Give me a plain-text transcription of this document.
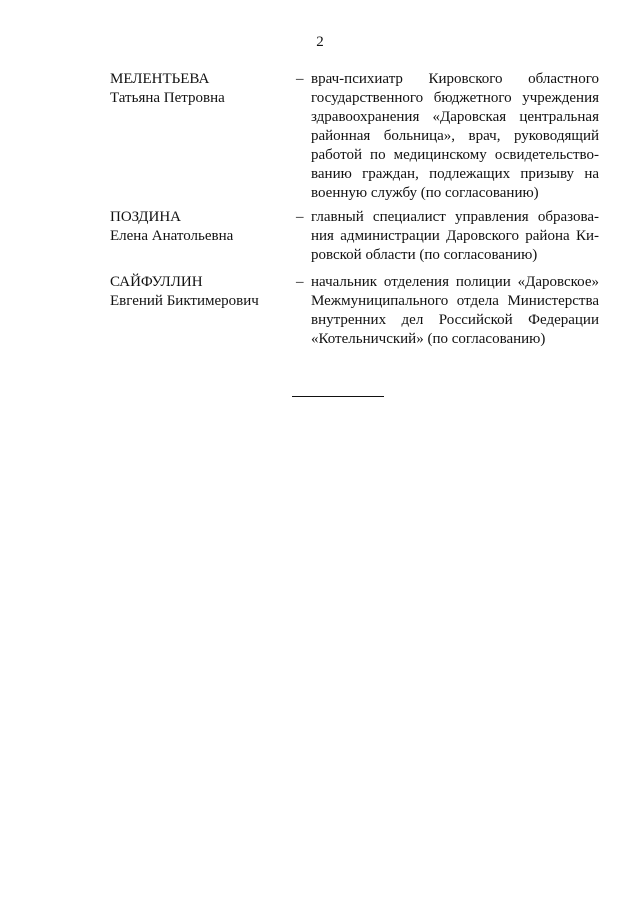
2
МЕЛЕНТЬЕВА
Татьяна Петровна
– врач-психиатр Кировского областного государственного бюджетного учреждения здравоохранения «Даровская центральная районная больница», врач, руководящий работой по медицинскому освидетельство-ванию граждан, подлежащих призыву на военную службу (по согласованию)
ПОЗДИНА
Елена Анатольевна
– главный специалист управления образова-ния администрации Даровского района Ки-ровской области (по согласованию)
САЙФУЛЛИН
Евгений Биктимерович
– начальник отделения полиции «Даровское» Межмуниципального отдела Министерства внутренних дел Российской Федерации «Котельничский» (по согласованию)
